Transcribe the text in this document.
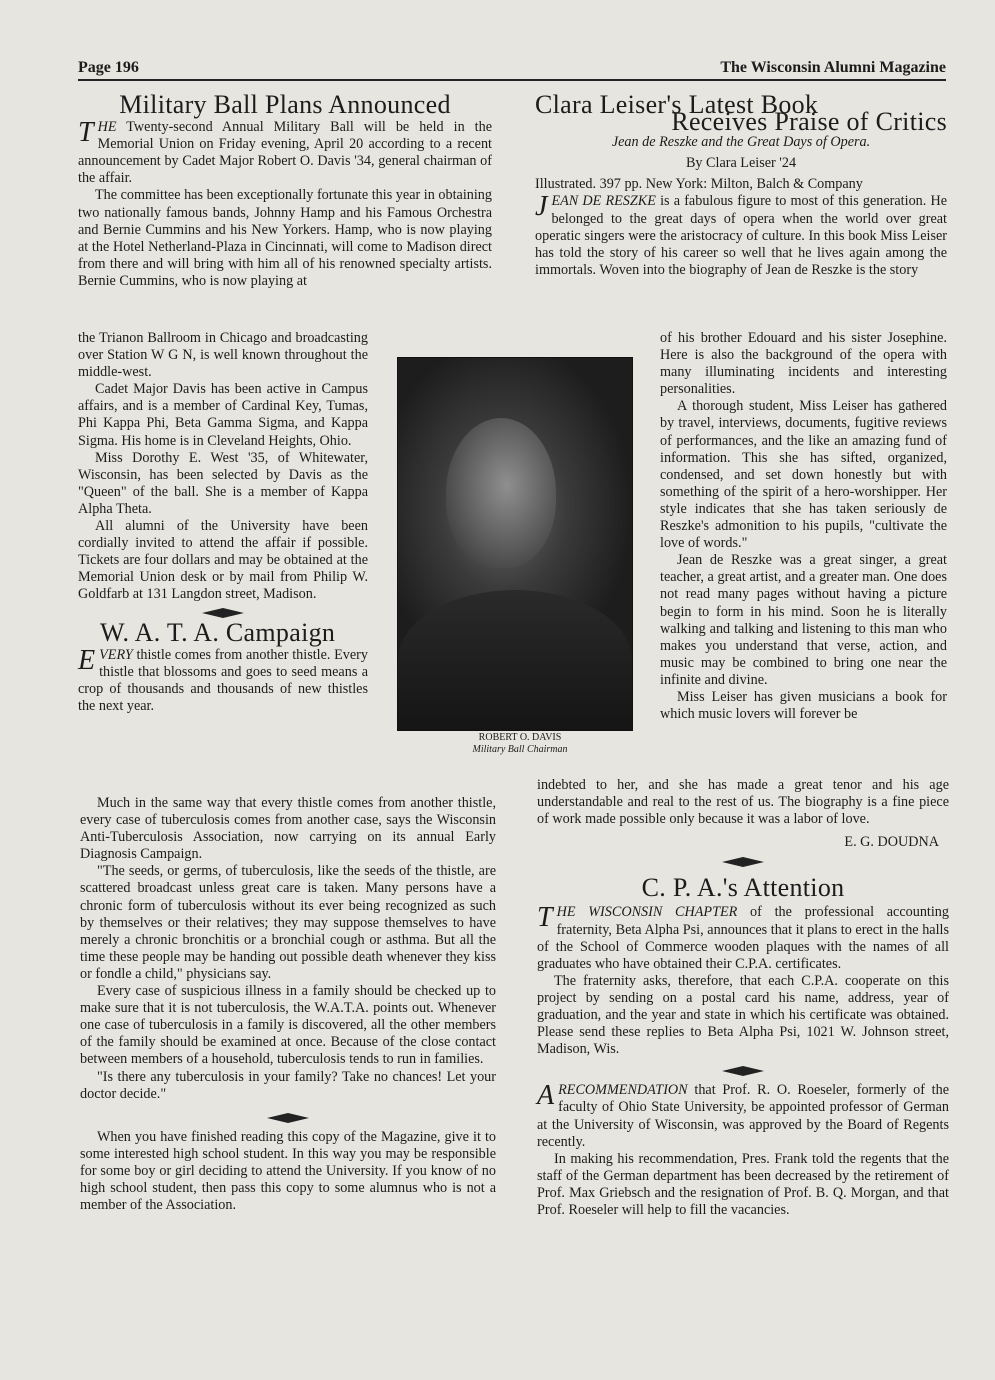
Page 196	The Wisconsin Alumni Magazine
Military Ball Plans Announced

THE Twenty-second Annual Military Ball will be held in the Memorial Union on Friday evening, April 20 according to a recent announcement by Cadet Major Robert O. Davis '34, general chairman of the affair.

The committee has been exceptionally fortunate this year in obtaining two nationally famous bands, Johnny Hamp and his Famous Orchestra and Bernie Cummins and his New Yorkers. Hamp, who is now playing at the Hotel Netherland-Plaza in Cincinnati, will come to Madison direct from there and will bring with him all of his renowned specialty artists. Bernie Cummins, who is now playing at

the Trianon Ballroom in Chicago and broadcasting over Station W G N, is well known throughout the middle-west.

Cadet Major Davis has been active in Campus affairs, and is a member of Cardinal Key, Tumas, Phi Kappa Phi, Beta Gamma Sigma, and Kappa Sigma. His home is in Cleveland Heights, Ohio.

Miss Dorothy E. West '35, of Whitewater, Wisconsin, has been selected by Davis as the "Queen" of the ball. She is a member of Kappa Alpha Theta.

All alumni of the University have been cordially invited to attend the affair if possible. Tickets are four dollars and may be obtained at the Memorial Union desk or by mail from Philip W. Goldfarb at 131 Langdon street, Madison.

W. A. T. A. Campaign

EVERY thistle comes from another thistle. Every thistle that blossoms and goes to seed means a crop of thousands and thousands of new thistles the next year.

Much in the same way that every thistle comes from another thistle, every case of tuberculosis comes from another case, says the Wisconsin Anti-Tuberculosis Association, now carrying on its annual Early Diagnosis Campaign.

"The seeds, or germs, of tuberculosis, like the seeds of the thistle, are scattered broadcast unless great care is taken. Many persons have a chronic form of tuberculosis without its ever being recognized as such by themselves or their relatives; they may suppose themselves to have merely a chronic bronchitis or a bronchial cough or asthma. But all the time these people may be handing out possible death whenever they kiss or fondle a child," physicians say.

Every case of suspicious illness in a family should be checked up to make sure that it is not tuberculosis, the W.A.T.A. points out. Whenever one case of tuberculosis in a family is discovered, all the other members of the family should be examined at once. Because of the close contact between members of a household, tuberculosis tends to run in families.

"Is there any tuberculosis in your family? Take no chances! Let your doctor decide."

When you have finished reading this copy of the Magazine, give it to some interested high school student. In this way you may be responsible for some boy or girl deciding to attend the University. If you know of no high school student, then pass this copy to some alumnus who is not a member of the Association.

ROBERT O. DAVIS
Military Ball Chairman
Clara Leiser's Latest Book
Receives Praise of Critics
Jean de Reszke and the Great Days of Opera.
By Clara Leiser '24
Illustrated. 397 pp. New York: Milton, Balch & Company

JEAN DE RESZKE is a fabulous figure to most of this generation. He belonged to the great days of opera when the world over great operatic singers were the aristocracy of culture. In this book Miss Leiser has told the story of his career so well that he lives again among the immortals. Woven into the biography of Jean de Reszke is the story

of his brother Edouard and his sister Josephine. Here is also the background of the opera with many illuminating incidents and interesting personalities.

A thorough student, Miss Leiser has gathered by travel, interviews, documents, fugitive reviews of performances, and the like an amazing fund of information. This she has sifted, organized, condensed, and set down honestly but with something of the spirit of a hero-worshipper. Her style indicates that she has taken seriously de Reszke's admonition to his pupils, "cultivate the love of words."

Jean de Reszke was a great singer, a great teacher, a great artist, and a greater man. One does not read many pages without having a picture begin to form in his mind. Soon he is literally walking and talking and listening to this man who makes you understand that verse, action, and music may be combined to bring one near the infinite and divine.

Miss Leiser has given musicians a book for which music lovers will forever be

indebted to her, and she has made a great tenor and his age understandable and real to the rest of us. The biography is a fine piece of work made possible only because it was a labor of love.

E. G. DOUDNA
C. P. A.'s Attention

THE WISCONSIN CHAPTER of the professional accounting fraternity, Beta Alpha Psi, announces that it plans to erect in the halls of the School of Commerce wooden plaques with the names of all graduates who have obtained their C.P.A. certificates.

The fraternity asks, therefore, that each C.P.A. cooperate on this project by sending on a postal card his name, address, year of graduation, and the year and state in which his certificate was obtained. Please send these replies to Beta Alpha Psi, 1021 W. Johnson street, Madison, Wis.

ARECOMMENDATION that Prof. R. O. Roeseler, formerly of the faculty of Ohio State University, be appointed professor of German at the University of Wisconsin, was approved by the Board of Regents recently.

In making his recommendation, Pres. Frank told the regents that the staff of the German department has been decreased by the retirement of Prof. Max Griebsch and the resignation of Prof. B. Q. Morgan, and that Prof. Roeseler will help to fill the vacancies.
